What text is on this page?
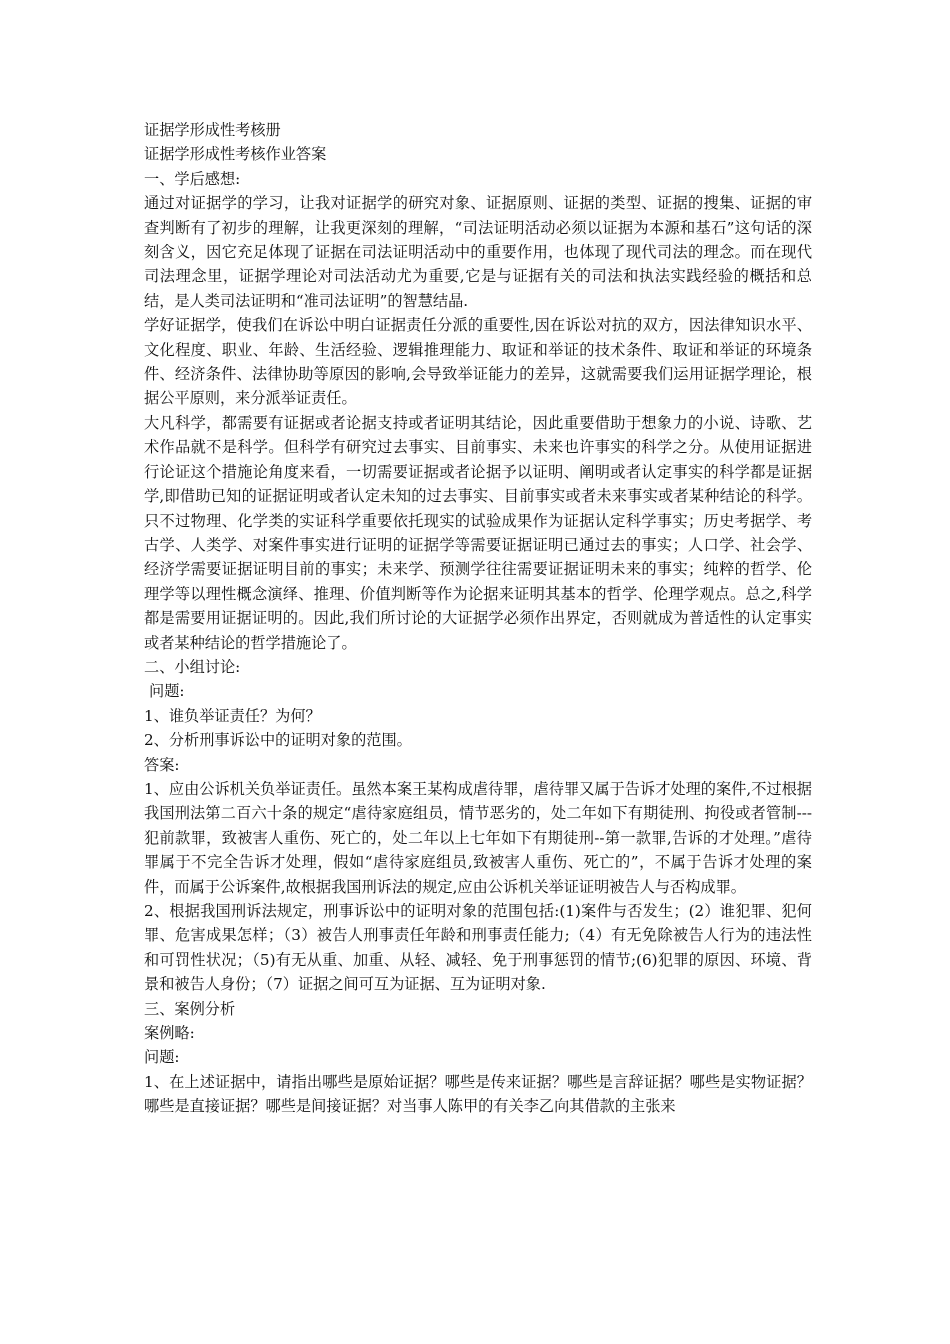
证据学形成性考核册

证据学形成性考核作业答案

一、学后感想:

通过对证据学的学习，让我对证据学的研究对象、证据原则、证据的类型、证据的搜集、证据的审查判断有了初步的理解，让我更深刻的理解，“司法证明活动必须以证据为本源和基石”这句话的深刻含义，因它充足体现了证据在司法证明活动中的重要作用，也体现了现代司法的理念。而在现代司法理念里，证据学理论对司法活动尤为重要,它是与证据有关的司法和执法实践经验的概括和总结，是人类司法证明和“准司法证明”的智慧结晶.

学好证据学，使我们在诉讼中明白证据责任分派的重要性,因在诉讼对抗的双方，因法律知识水平、文化程度、职业、年龄、生活经验、逻辑推理能力、取证和举证的技术条件、取证和举证的环境条件、经济条件、法律协助等原因的影响,会导致举证能力的差异，这就需要我们运用证据学理论，根据公平原则，来分派举证责任。

大凡科学，都需要有证据或者论据支持或者证明其结论，因此重要借助于想象力的小说、诗歌、艺术作品就不是科学。但科学有研究过去事实、目前事实、未来也许事实的科学之分。从使用证据进行论证这个措施论角度来看，一切需要证据或者论据予以证明、阐明或者认定事实的科学都是证据学,即借助已知的证据证明或者认定未知的过去事实、目前事实或者未来事实或者某种结论的科学。只不过物理、化学类的实证科学重要依托现实的试验成果作为证据认定科学事实；历史考据学、考古学、人类学、对案件事实进行证明的证据学等需要证据证明已通过去的事实；人口学、社会学、经济学需要证据证明目前的事实；未来学、预测学往往需要证据证明未来的事实；纯粹的哲学、伦理学等以理性概念演绎、推理、价值判断等作为论据来证明其基本的哲学、伦理学观点。总之,科学都是需要用证据证明的。因此,我们所讨论的大证据学必须作出界定，否则就成为普适性的认定事实或者某种结论的哲学措施论了。

二、小组讨论:

问题:

1、谁负举证责任？为何？

2、分析刑事诉讼中的证明对象的范围。

答案:

1、应由公诉机关负举证责任。虽然本案王某构成虐待罪，虐待罪又属于告诉才处理的案件,不过根据我国刑法第二百六十条的规定“虐待家庭组员，情节恶劣的，处二年如下有期徒刑、拘役或者管制---犯前款罪，致被害人重伤、死亡的，处二年以上七年如下有期徒刑--第一款罪,告诉的才处理。”虐待罪属于不完全告诉才处理，假如“虐待家庭组员,致被害人重伤、死亡的”，不属于告诉才处理的案件，而属于公诉案件,故根据我国刑诉法的规定,应由公诉机关举证证明被告人与否构成罪。

2、根据我国刑诉法规定，刑事诉讼中的证明对象的范围包括:(1)案件与否发生；(2）谁犯罪、犯何罪、危害成果怎样；（3）被告人刑事责任年龄和刑事责任能力;（4）有无免除被告人行为的违法性和可罚性状况；（5)有无从重、加重、从轻、减轻、免于刑事惩罚的情节;(6)犯罪的原因、环境、背景和被告人身份；（7）证据之间可互为证据、互为证明对象.

三、案例分析

案例略:

问题:

1、在上述证据中，请指出哪些是原始证据？哪些是传来证据？哪些是言辞证据？哪些是实物证据？哪些是直接证据？哪些是间接证据？对当事人陈甲的有关李乙向其借款的主张来
